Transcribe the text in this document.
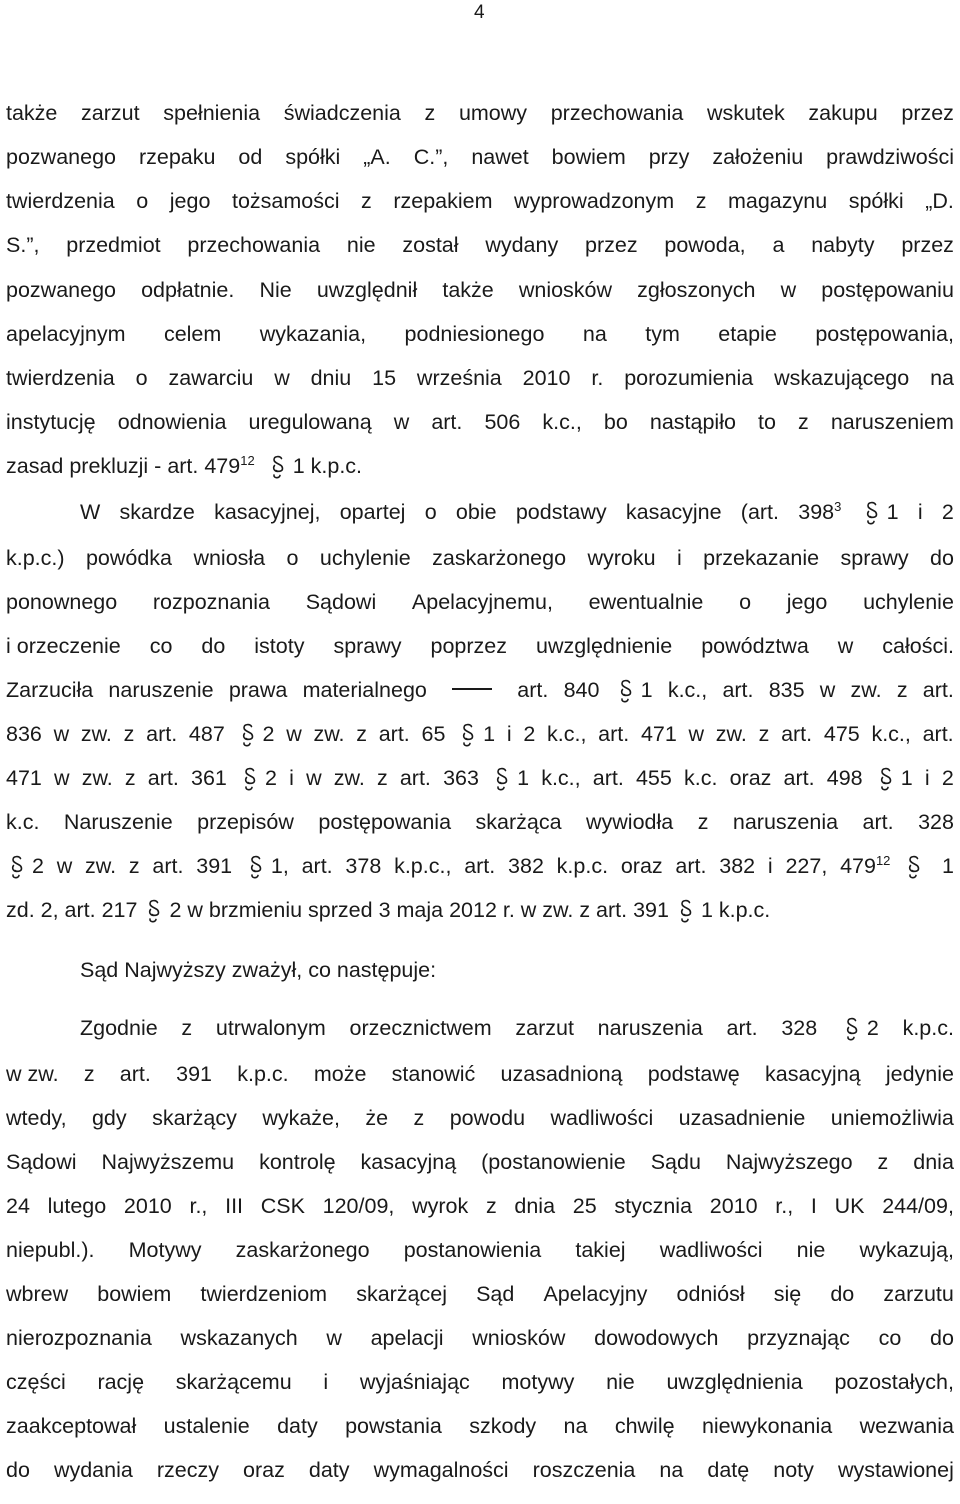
4
także zarzut spełnienia świadczenia z umowy przechowania wskutek zakupu przez
pozwanego rzepaku od spółki „A. C.”, nawet bowiem przy założeniu prawdziwości
twierdzenia o jego tożsamości z rzepakiem wyprowadzonym z magazynu spółki „D.
S.”, przedmiot przechowania nie został wydany przez powoda, a nabyty przez
pozwanego odpłatnie. Nie uwzględnił także wniosków zgłoszonych w postępowaniu
apelacyjnym celem wykazania, podniesionego na tym etapie postępowania,
twierdzenia o zawarciu w dniu 15 września 2010 r. porozumienia wskazującego na
instytucję odnowienia uregulowaną w art. 506 k.c., bo nastąpiło to z naruszeniem
zasad prekluzji - art. $479^{12}$ 1 k.p.c.
W skardze kasacyjnej, opartej o obie podstawy kasacyjne (art. $398^3$	1 i 2
k.p.c.) powódka wniosła o uchylenie zaskarżonego wyroku i przekazanie sprawy do
ponownego rozpoznania Sądowi Apelacyjnemu, ewentualnie o jego uchylenie
i orzeczenie co do istoty sprawy poprzez uwzględnienie powództwa w całości.
Zarzuciła naruszenie prawa materialnego	art. 840	1 k.c., art. 835 w zw. z art.
836 w zw. z art. 487	2 w zw. z art. 65	1 i 2 k.c., art. 471 w zw. z art. 475 k.c., art.
471 w zw. z art. 361	2 i w zw. z art. 363	1 k.c., art. 455 k.c. oraz art. 498	1 i 2
k.c. Naruszenie przepisów postępowania skarżąca wywiodła z naruszenia art. 328
2 w zw. z art. 391	1, art. 378 k.p.c., art. 382 k.p.c. oraz art. 382 i 227, $479^{12}$ 1
zd. 2, art. 217
2 w brzmieniu sprzed 3 maja 2012 r. w zw. z art. 391
1 k.p.c.
Sąd Najwyższy zważył, co następuje:
Zgodnie z utrwalonym orzecznictwem zarzut naruszenia art. 328	2 k.p.c.
w zw. z art. 391 k.p.c. może stanowić uzasadnioną podstawę kasacyjną jedynie
wtedy, gdy skarżący wykaże, że z powodu wadliwości uzasadnienie uniemożliwia
Sądowi Najwyższemu kontrolę kasacyjną (postanowienie Sądu Najwyższego z dnia
24 lutego 2010 r., III CSK 120/09, wyrok z dnia 25 stycznia 2010 r., I UK 244/09,
niepubl.). Motywy zaskarżonego postanowienia takiej wadliwości nie wykazują,
wbrew bowiem twierdzeniom skarżącej Sąd Apelacyjny odniósł się do zarzutu
nierozpoznania wskazanych w apelacji wniosków dowodowych przyznając co do
części rację skarżącemu i wyjaśniając motywy nie uwzględnienia pozostałych,
zaakceptował ustalenie daty powstania szkody na chwilę niewykonania wezwania
do wydania rzeczy oraz daty wymagalności roszczenia na datę noty wystawionej
